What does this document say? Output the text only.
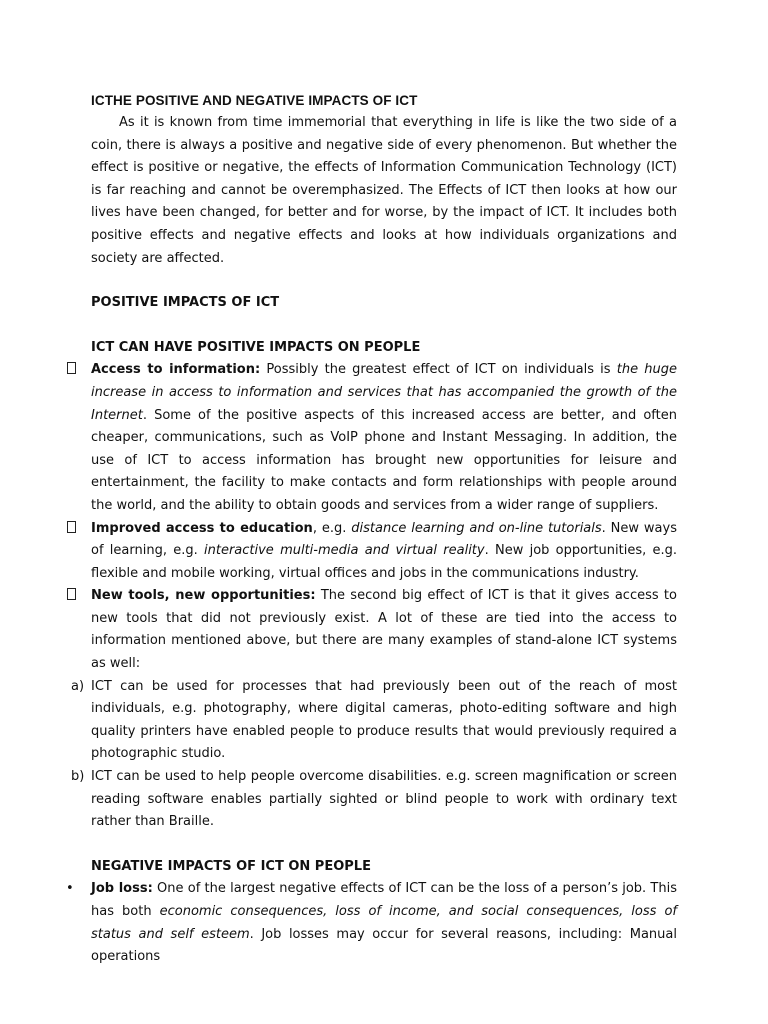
ICTHE POSITIVE AND NEGATIVE IMPACTS OF ICT

As it is known from time immemorial that everything in life is like the two side of a coin, there is always a positive and negative side of every phenomenon. But whether the effect is positive or negative, the effects of Information Communication Technology (ICT) is far reaching and cannot be overemphasized. The Effects of ICT then looks at how our lives have been changed, for better and for worse, by the impact of ICT. It includes both positive effects and negative effects and looks at how individuals organizations and society are affected.

POSITIVE IMPACTS OF ICT

ICT CAN HAVE POSITIVE IMPACTS ON PEOPLE

Access to information: Possibly the greatest effect of ICT on individuals is the huge increase in access to information and services that has accompanied the growth of the Internet. Some of the positive aspects of this increased access are better, and often cheaper, communications, such as VoIP phone and Instant Messaging. In addition, the use of ICT to access information has brought new opportunities for leisure and entertainment, the facility to make contacts and form relationships with people around the world, and the ability to obtain goods and services from a wider range of suppliers.
Improved access to education, e.g. distance learning and on-line tutorials. New ways of learning, e.g. interactive multi-media and virtual reality. New job opportunities, e.g. flexible and mobile working, virtual offices and jobs in the communications industry.
New tools, new opportunities: The second big effect of ICT is that it gives access to new tools that did not previously exist. A lot of these are tied into the access to information mentioned above, but there are many examples of stand-alone ICT systems as well:
a) ICT can be used for processes that had previously been out of the reach of most individuals, e.g. photography, where digital cameras, photo-editing software and high quality printers have enabled people to produce results that would previously required a photographic studio.
b) ICT can be used to help people overcome disabilities. e.g. screen magnification or screen reading software enables partially sighted or blind people to work with ordinary text rather than Braille.

NEGATIVE IMPACTS OF ICT ON PEOPLE

• Job loss: One of the largest negative effects of ICT can be the loss of a person’s job. This has both economic consequences, loss of income, and social consequences, loss of status and self esteem. Job losses may occur for several reasons, including: Manual operations
